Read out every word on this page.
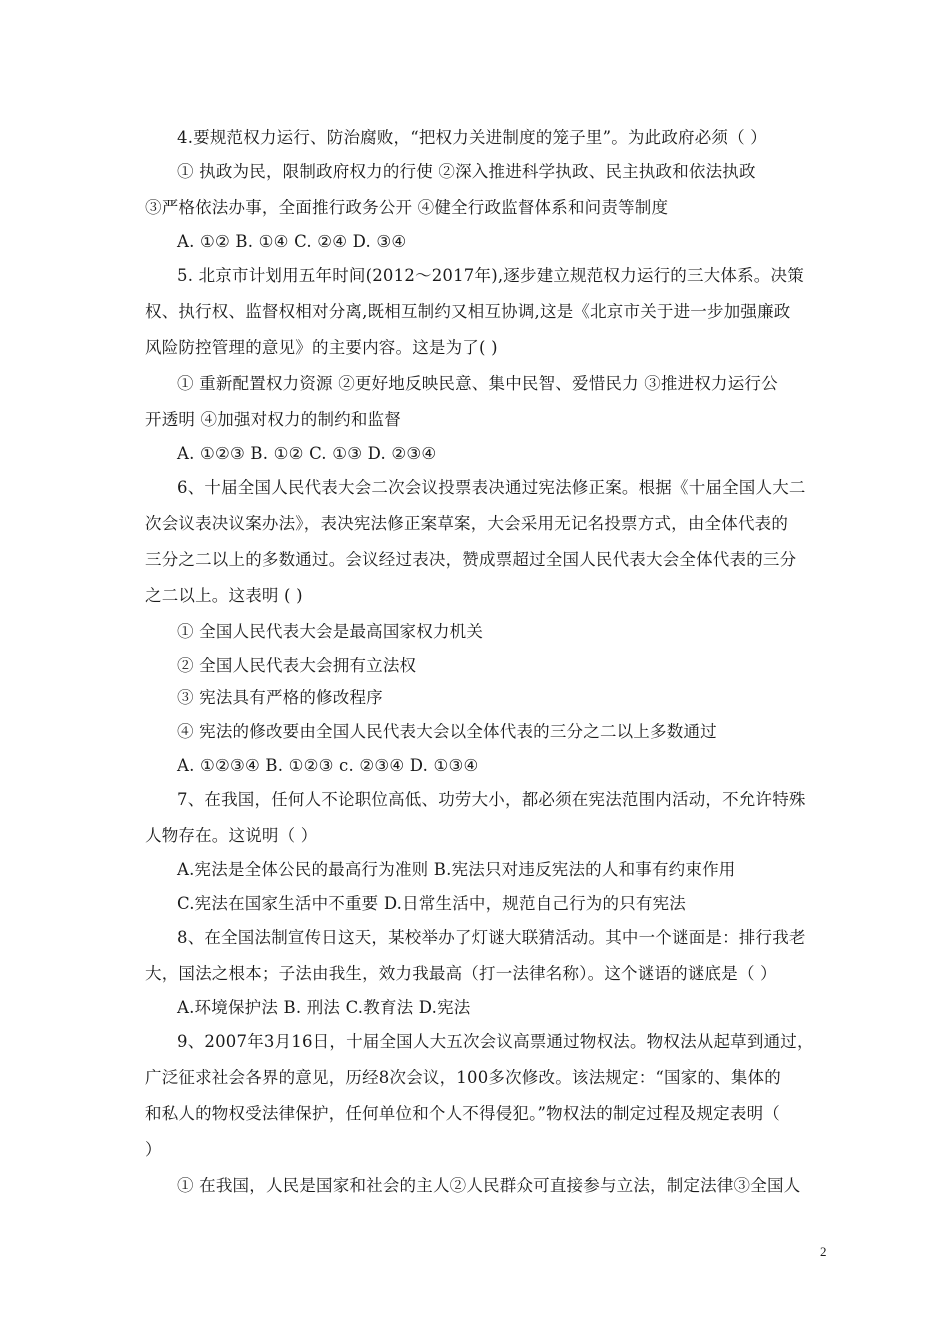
4.要规范权力运行、防治腐败，“把权力关进制度的笼子里”。为此政府必须（ ）
① 执政为民，限制政府权力的行使 ②深入推进科学执政、民主执政和依法执政
③严格依法办事，全面推行政务公开 ④健全行政监督体系和问责等制度
A. ①② B. ①④ C. ②④ D. ③④
5. 北京市计划用五年时间(2012～2017年),逐步建立规范权力运行的三大体系。决策
权、执行权、监督权相对分离,既相互制约又相互协调,这是《北京市关于进一步加强廉政
风险防控管理的意见》的主要内容。这是为了( )
① 重新配置权力资源 ②更好地反映民意、集中民智、爱惜民力 ③推进权力运行公
开透明 ④加强对权力的制约和监督
A. ①②③ B. ①② C. ①③ D. ②③④
6、十届全国人民代表大会二次会议投票表决通过宪法修正案。根据《十届全国人大二
次会议表决议案办法》，表决宪法修正案草案，大会采用无记名投票方式，由全体代表的
三分之二以上的多数通过。会议经过表决，赞成票超过全国人民代表大会全体代表的三分
之二以上。这表明 ( )
① 全国人民代表大会是最高国家权力机关
② 全国人民代表大会拥有立法权
③ 宪法具有严格的修改程序
④ 宪法的修改要由全国人民代表大会以全体代表的三分之二以上多数通过
A. ①②③④ B. ①②③ c. ②③④ D. ①③④
7、在我国，任何人不论职位高低、功劳大小，都必须在宪法范围内活动，不允许特殊
人物存在。这说明（ ）
A.宪法是全体公民的最高行为准则 B.宪法只对违反宪法的人和事有约束作用
C.宪法在国家生活中不重要 D.日常生活中，规范自己行为的只有宪法
8、在全国法制宣传日这天，某校举办了灯谜大联猜活动。其中一个谜面是：排行我老
大，国法之根本；子法由我生，效力我最高（打一法律名称）。这个谜语的谜底是（ ）
A.环境保护法 B. 刑法 C.教育法 D.宪法
9、2007年3月16日，十届全国人大五次会议高票通过物权法。物权法从起草到通过，
广泛征求社会各界的意见，历经8次会议，100多次修改。该法规定：“国家的、集体的
和私人的物权受法律保护，任何单位和个人不得侵犯。”物权法的制定过程及规定表明（
）
① 在我国，人民是国家和社会的主人②人民群众可直接参与立法，制定法律③全国人
2
